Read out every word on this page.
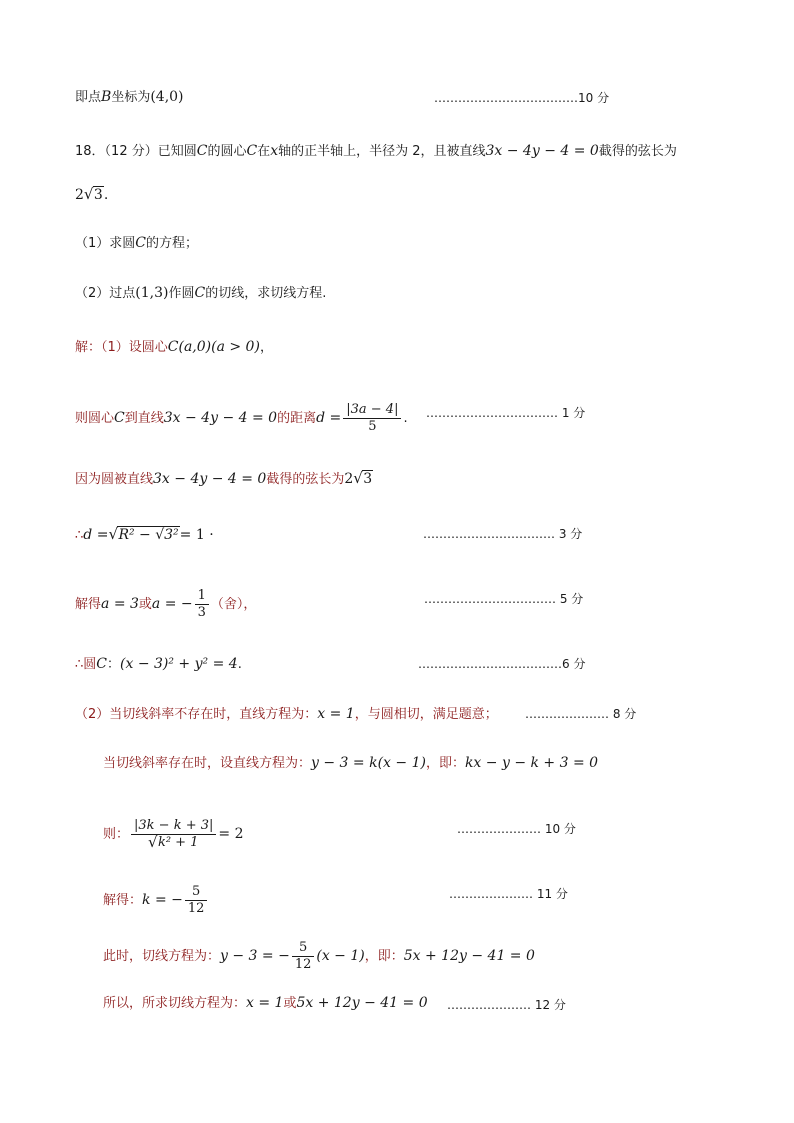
即点B坐标为(4,0)	………………………………10 分
18．（12 分）已知圆C的圆心C在x轴的正半轴上，半径为 2，且被直线3x − 4y − 4 = 0截得的弦长为
2 √ 3.
（1）求圆C的方程；
（2）过点(1,3)作圆C的切线，求切线方程.
解：（1）设圆心C(a,0)(a > 0)，
则圆心C到直线3x − 4y − 4 = 0的距离$d = \frac{|3a - 4|}{5}$ . …………………………… 1 分
因为圆被直线3x − 4y − 4 = 0截得的弦长为2 √ 3
∴d = √ R² − √3²= 1 ·	…………………………… 3 分
解得a = 3或a = − $\frac{1}{3}$ （舍），	…………………………… 5 分
∴圆C：(x − 3)² + y² = 4.	………………………………6 分
（2）当切线斜率不存在时，直线方程为：x = 1，与圆相切，满足题意； ………………… 8 分
当切线斜率存在时，设直线方程为：y − 3 = k(x − 1)，即：kx − y − k + 3 = 0
则： |3k − k + 3|
√ k² + 1 = 2	………………… 10 分
解得：k = − $\frac{5}{12}$	………………… 11 分
此时，切线方程为：y − 3 = − $\frac{5}{12} (x - 1)$，即：5x + 12y − 41 = 0
所以，所求切线方程为：x = 1或5x + 12y − 41 = 0 ………………… 12 分
